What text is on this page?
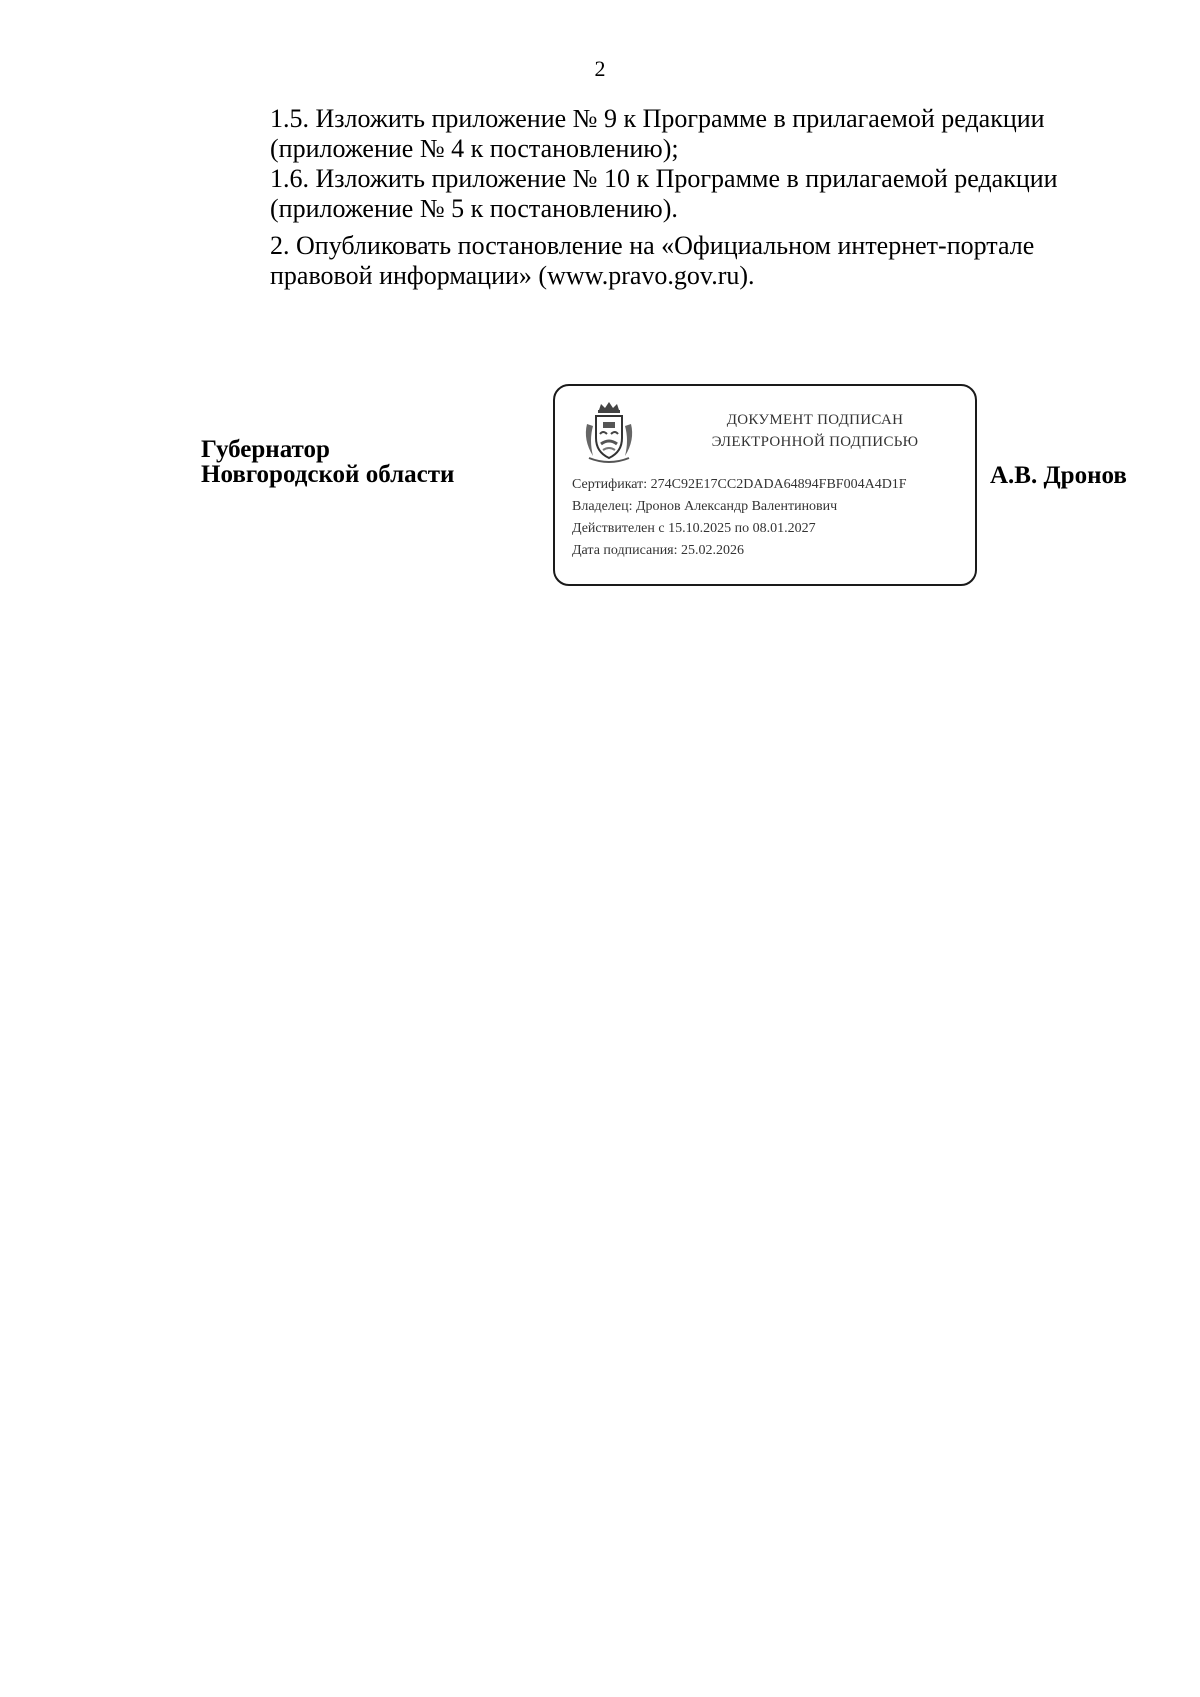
2

1.5. Изложить приложение № 9 к Программе в прилагаемой редакции
(приложение № 4 к постановлению);

1.6. Изложить приложение № 10 к Программе в прилагаемой редакции
(приложение № 5 к постановлению).

2. Опубликовать постановление на «Официальном интернет-портале
правовой информации» (www.pravo.gov.ru).

Губернатор
Новгородской области
ДОКУМЕНТ ПОДПИСАН
ЭЛЕКТРОННОЙ ПОДПИСЬЮ
Сертификат: 274C92E17CC2DADA64894FBF004A4D1F
Владелец: Дронов Александр Валентинович
Действителен с 15.10.2025 по 08.01.2027
Дата подписания: 25.02.2026
А.В. Дронов
